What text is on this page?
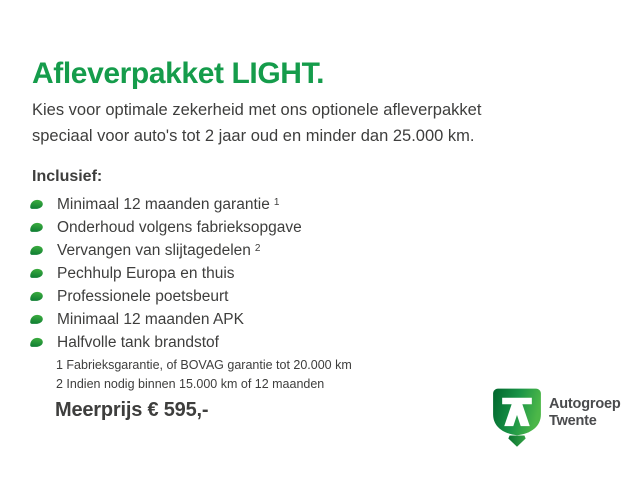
Afleverpakket LIGHT.

Kies voor optimale zekerheid met ons optionele afleverpakket speciaal voor auto's tot 2 jaar oud en minder dan 25.000 km.

Inclusief:
Minimaal 12 maanden garantie 1
Onderhoud volgens fabrieksopgave
Vervangen van slijtagedelen 2
Pechhulp Europa en thuis
Professionele poetsbeurt
Minimaal 12 maanden APK
Halfvolle tank brandstof
1 Fabrieksgarantie, of BOVAG garantie tot 20.000 km
2 Indien nodig binnen 15.000 km of 12 maanden
Meerprijs € 595,-	Autogroep
Twente
